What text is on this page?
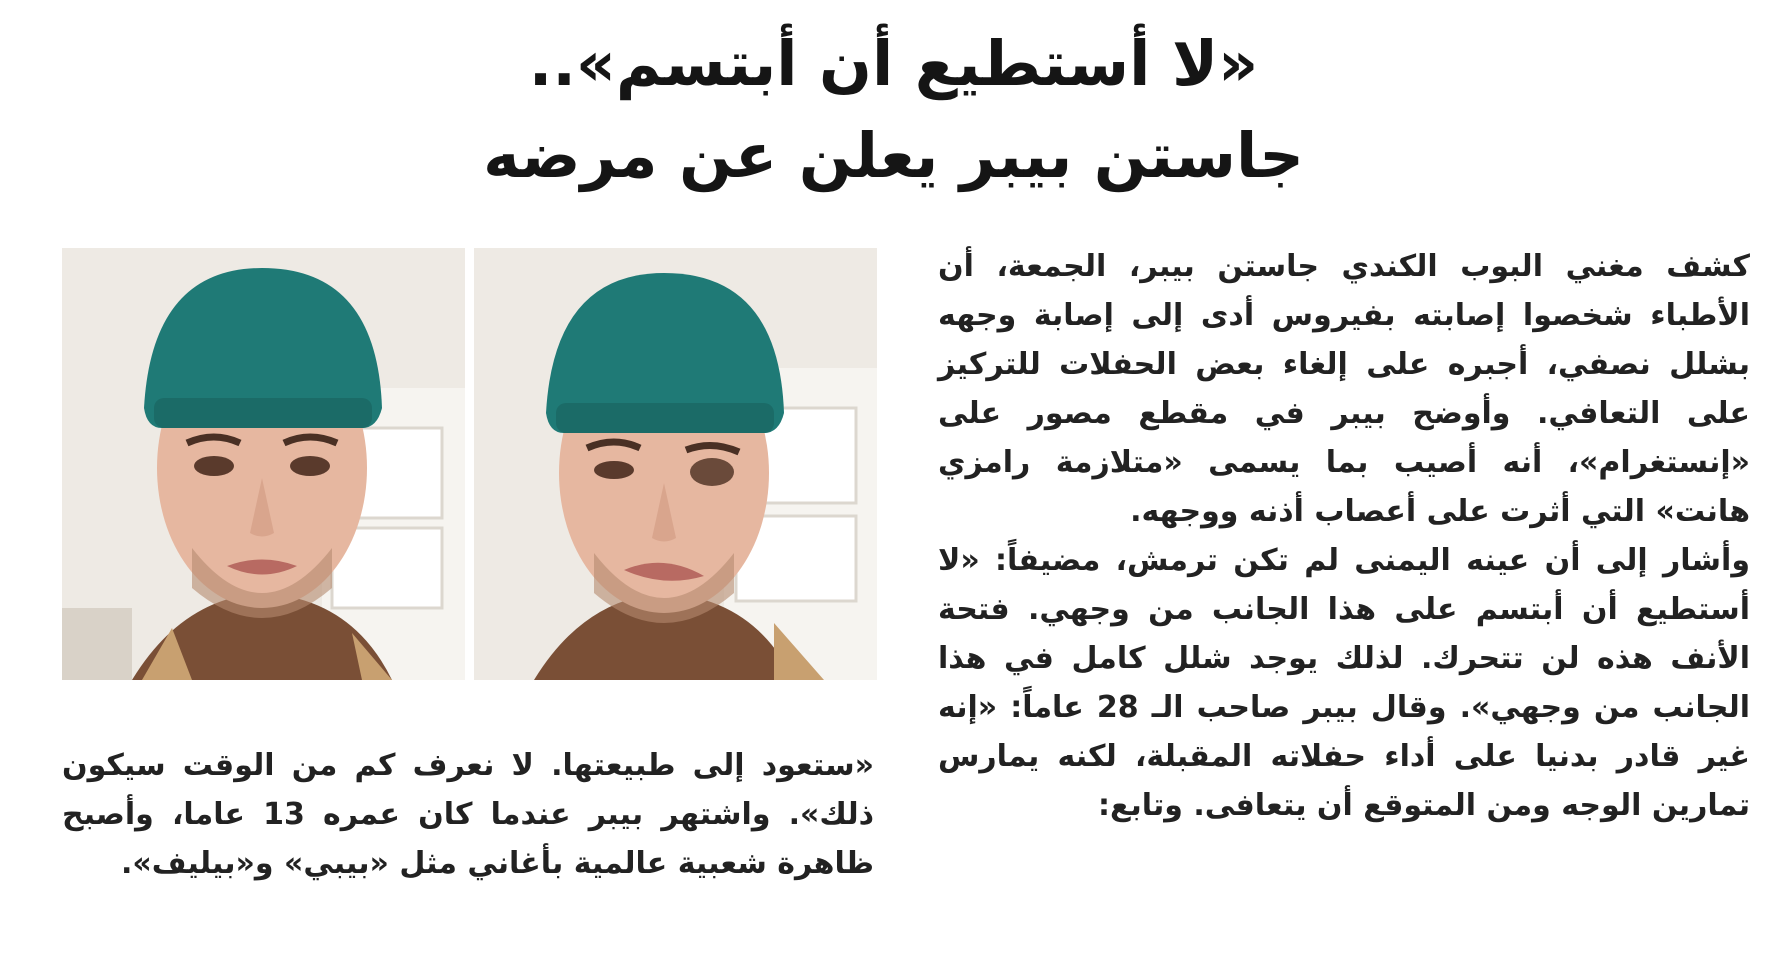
«لا أستطيع أن أبتسم»..
جاستن بيبر يعلن عن مرضه

كشف مغني البوب الكندي جاستن بيبر، الجمعة، أن الأطباء شخصوا إصابته بفيروس أدى إلى إصابة وجهه بشلل نصفي، أجبره على إلغاء بعض الحفلات للتركيز على التعافي. وأوضح بيبر في مقطع مصور على «إنستغرام»، أنه أصيب بما يسمى «متلازمة رامزي هانت» التي أثرت على أعصاب أذنه ووجهه.

وأشار إلى أن عينه اليمنى لم تكن ترمش، مضيفاً: «لا أستطيع أن أبتسم على هذا الجانب من وجهي. فتحة الأنف هذه لن تتحرك. لذلك يوجد شلل كامل في هذا الجانب من وجهي». وقال بيبر صاحب الـ 28 عاماً: «إنه غير قادر بدنيا على أداء حفلاته المقبلة، لكنه يمارس تمارين الوجه ومن المتوقع أن يتعافى. وتابع:

«ستعود إلى طبيعتها. لا نعرف كم من الوقت سيكون ذلك». واشتهر بيبر عندما كان عمره 13 عاما، وأصبح ظاهرة شعبية عالمية بأغاني مثل «بيبي» و«بيليف».
